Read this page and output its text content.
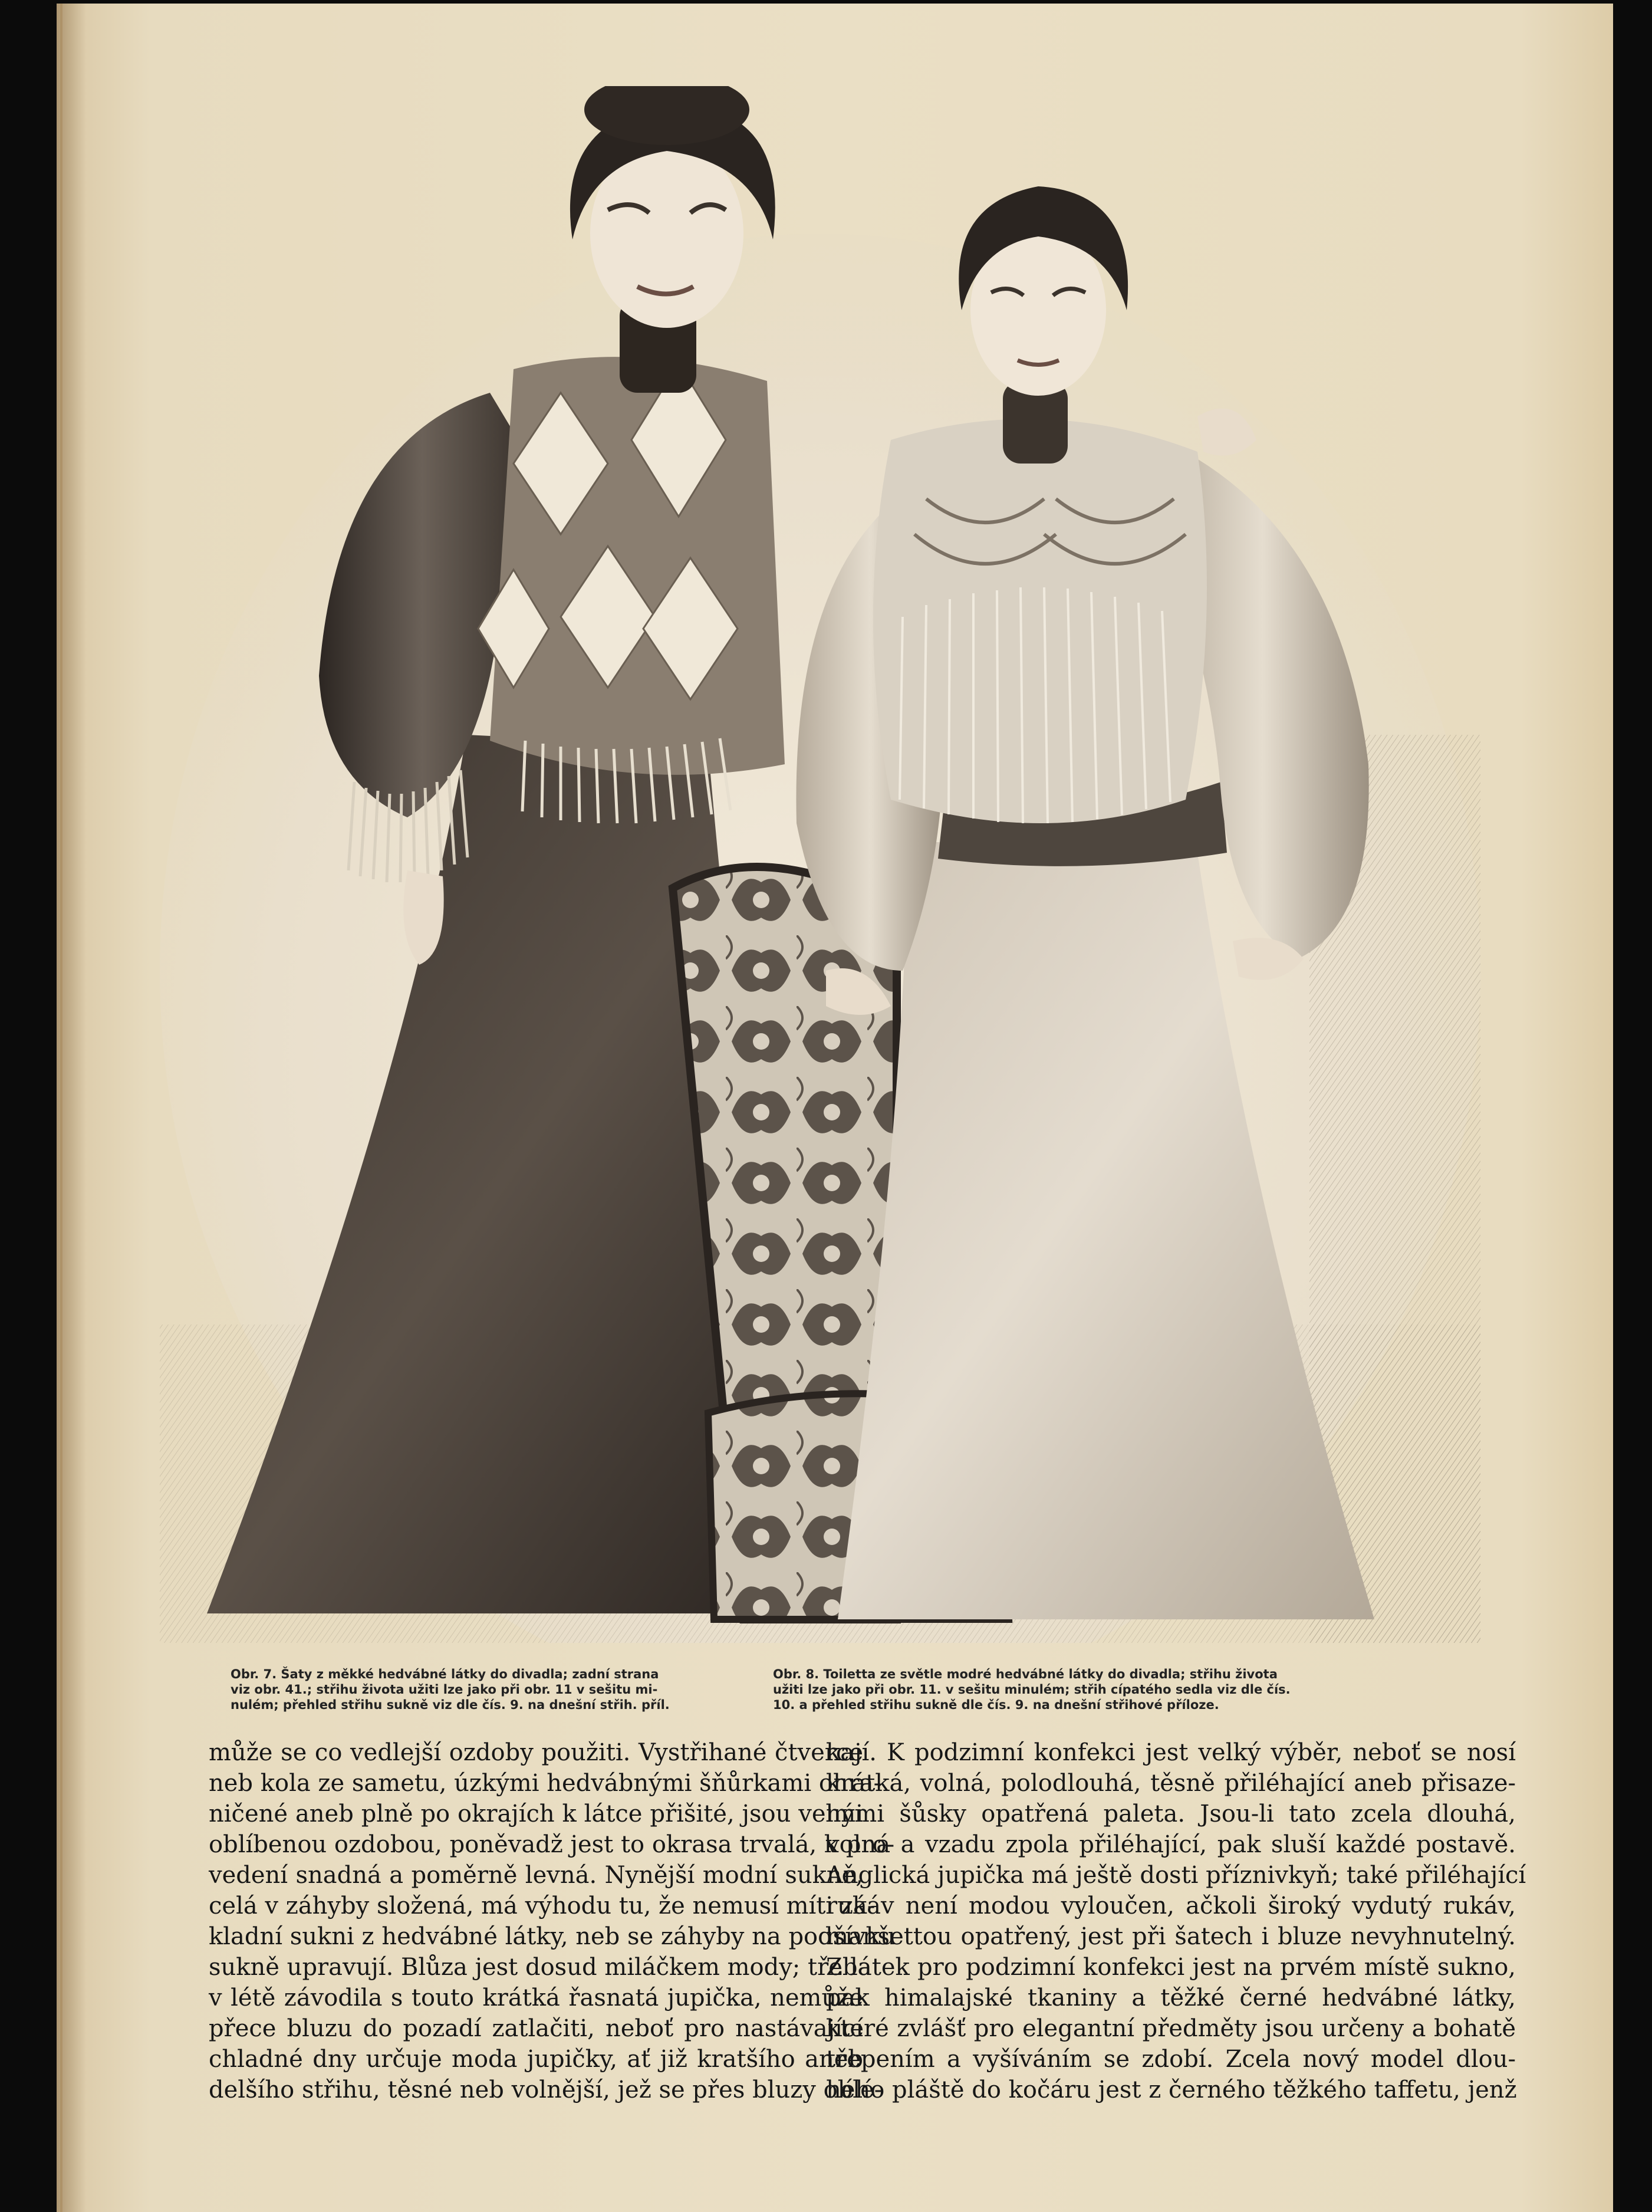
Obr. 7. Šaty z měkké hedvábné látky do divadla; zadní strana
viz obr. 41.; střihu života užiti lze jako při obr. 11 v sešitu mi-
nulém; přehled střihu sukně viz dle čís. 9. na dnešní střih. příl.
Obr. 8. Toiletta ze světle modré hedvábné látky do divadla; střihu života
užiti lze jako při obr. 11. v sešitu minulém; střih cípatého sedla viz dle čís.
10. a přehled střihu sukně dle čís. 9. na dnešní střihové příloze.
může se co vedlejší ozdoby použiti. Vystřihané čtverce
neb kola ze sametu, úzkými hedvábnými šňůrkami ohra-
ničené aneb plně po okrajích k látce přišité, jsou velmi
oblíbenou ozdobou, poněvadž jest to okrasa trvalá, k pro-
vedení snadná a poměrně levná. Nynější modní sukně,
celá v záhyby složená, má výhodu tu, že nemusí míti zá-
kladní sukni z hedvábné látky, neb se záhyby na podšívku
sukně upravují. Blůza jest dosud miláčkem mody; třeba
v létě závodila s touto krátká řasnatá jupička, nemůže
přece bluzu do pozadí zatlačiti, neboť pro nastávající
chladné dny určuje moda jupičky, ať již kratšího aneb
delšího střihu, těsné neb volnější, jež se přes bluzy oblé-
kají. K podzimní konfekci jest velký výběr, neboť se nosí
krátká, volná, polodlouhá, těsně přiléhající aneb přisaze-
nými šůsky opatřená paleta. Jsou-li tato zcela dlouhá,
volná a vzadu zpola přiléhající, pak sluší každé postavě.
Anglická jupička má ještě dosti příznivkyň; také přiléhající
rukáv není modou vyloučen, ačkoli široký vydutý rukáv,
manšettou opatřený, jest při šatech i bluze nevyhnutelný.
Z látek pro podzimní konfekci jest na prvém místě sukno,
pak himalajské tkaniny a těžké černé hedvábné látky,
které zvlášť pro elegantní předměty jsou určeny a bohatě
třepením a vyšíváním se zdobí. Zcela nový model dlou-
hého pláště do kočáru jest z černého těžkého taffetu, jenž
